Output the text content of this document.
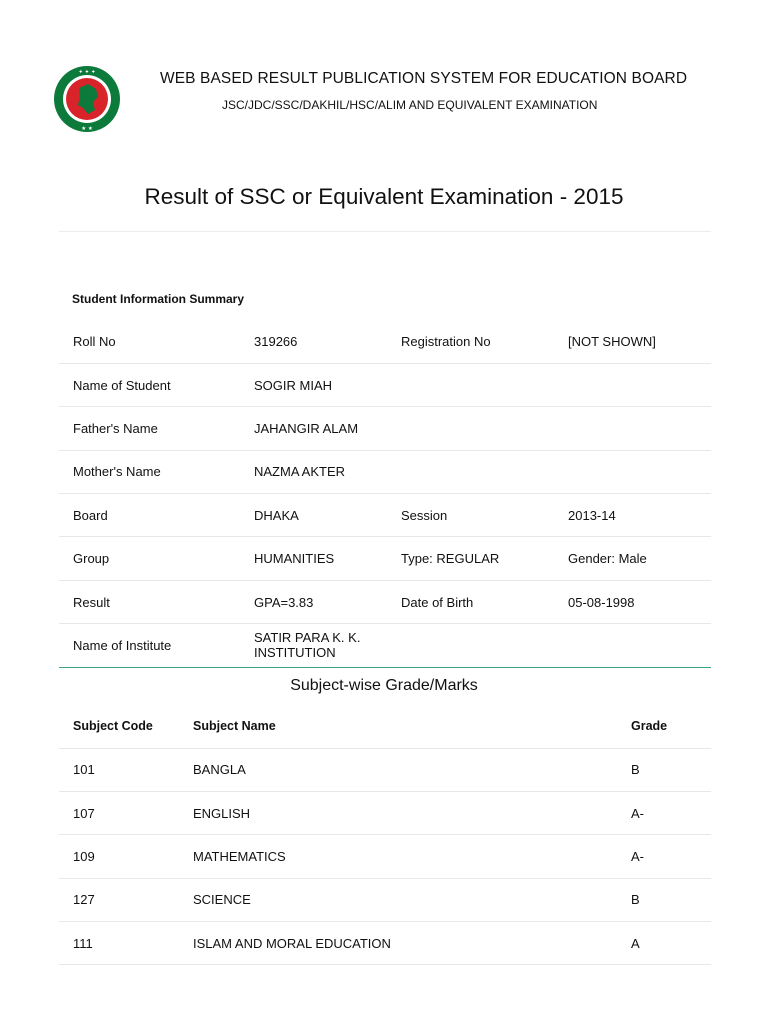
✦ ✦ ✦
★ ★
WEB BASED RESULT PUBLICATION SYSTEM FOR EDUCATION BOARD
JSC/JDC/SSC/DAKHIL/HSC/ALIM AND EQUIVALENT EXAMINATION
Result of SSC or Equivalent Examination - 2015
Student Information Summary
Roll No	319266	Registration No	[NOT SHOWN]
Name of Student	SOGIR MIAH		
Father's Name	JAHANGIR ALAM		
Mother's Name	NAZMA AKTER		
Board	DHAKA	Session	2013-14
Group	HUMANITIES	Type: REGULAR	Gender: Male
Result	GPA=3.83	Date of Birth	05-08-1998
Name of Institute	SATIR PARA K. K. INSTITUTION		
Subject-wise Grade/Marks
Subject Code	Subject Name	Grade
101	BANGLA	B
107	ENGLISH	A-
109	MATHEMATICS	A-
127	SCIENCE	B
111	ISLAM AND MORAL EDUCATION	A
